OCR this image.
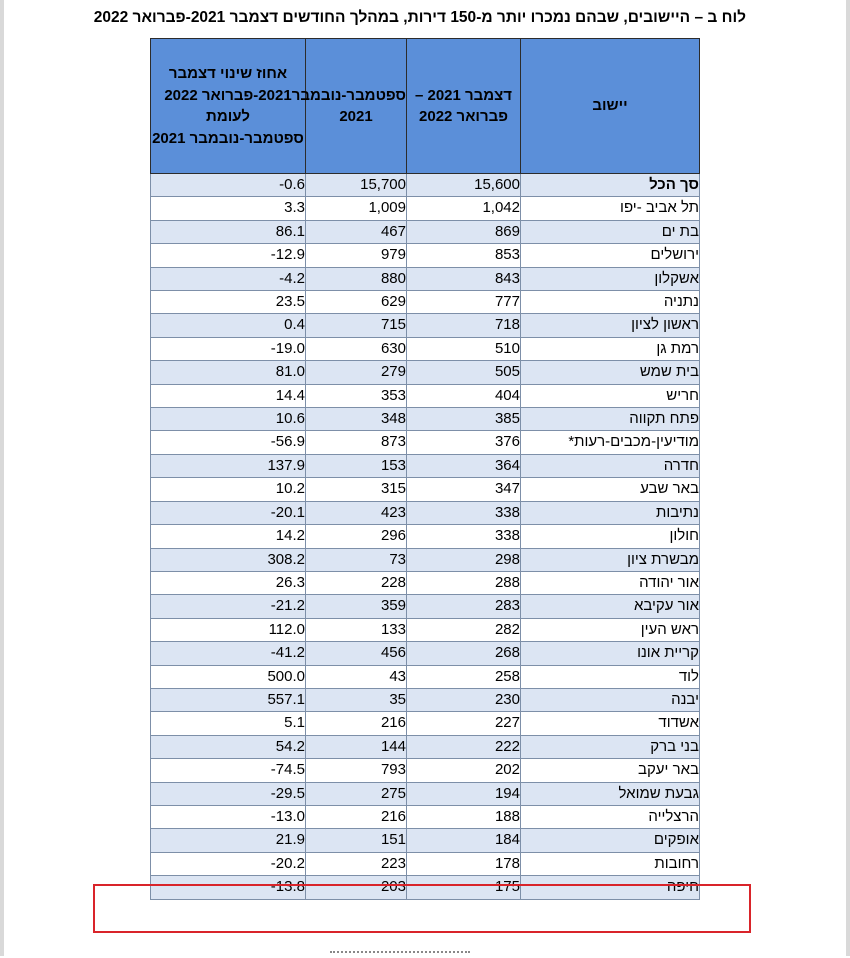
לוח ב – היישובים, שבהם נמכרו יותר מ-150 דירות, במהלך החודשים דצמבר 2021-פברואר 2022
אחוז שינוי דצמבר 2021-פברואר 2022 לעומת ספטמבר-נובמבר 2021	ספטמבר-נובמבר 2021	דצמבר 2021 – פברואר 2022	יישוב
-0.6	15,700	15,600	סך הכל
3.3	1,009	1,042	תל אביב -יפו
86.1	467	869	בת ים
-12.9	979	853	ירושלים
-4.2	880	843	אשקלון
23.5	629	777	נתניה
0.4	715	718	ראשון לציון
-19.0	630	510	רמת גן
81.0	279	505	בית שמש
14.4	353	404	חריש
10.6	348	385	פתח תקווה
-56.9	873	376	מודיעין-מכבים-רעות*
137.9	153	364	חדרה
10.2	315	347	באר שבע
-20.1	423	338	נתיבות
14.2	296	338	חולון
308.2	73	298	מבשרת ציון
26.3	228	288	אור יהודה
-21.2	359	283	אור עקיבא
112.0	133	282	ראש העין
-41.2	456	268	קריית אונו
500.0	43	258	לוד
557.1	35	230	יבנה
5.1	216	227	אשדוד
54.2	144	222	בני ברק
-74.5	793	202	באר יעקב
-29.5	275	194	גבעת שמואל
-13.0	216	188	הרצלייה
21.9	151	184	אופקים
-20.2	223	178	רחובות
-13.8	203	175	חיפה
